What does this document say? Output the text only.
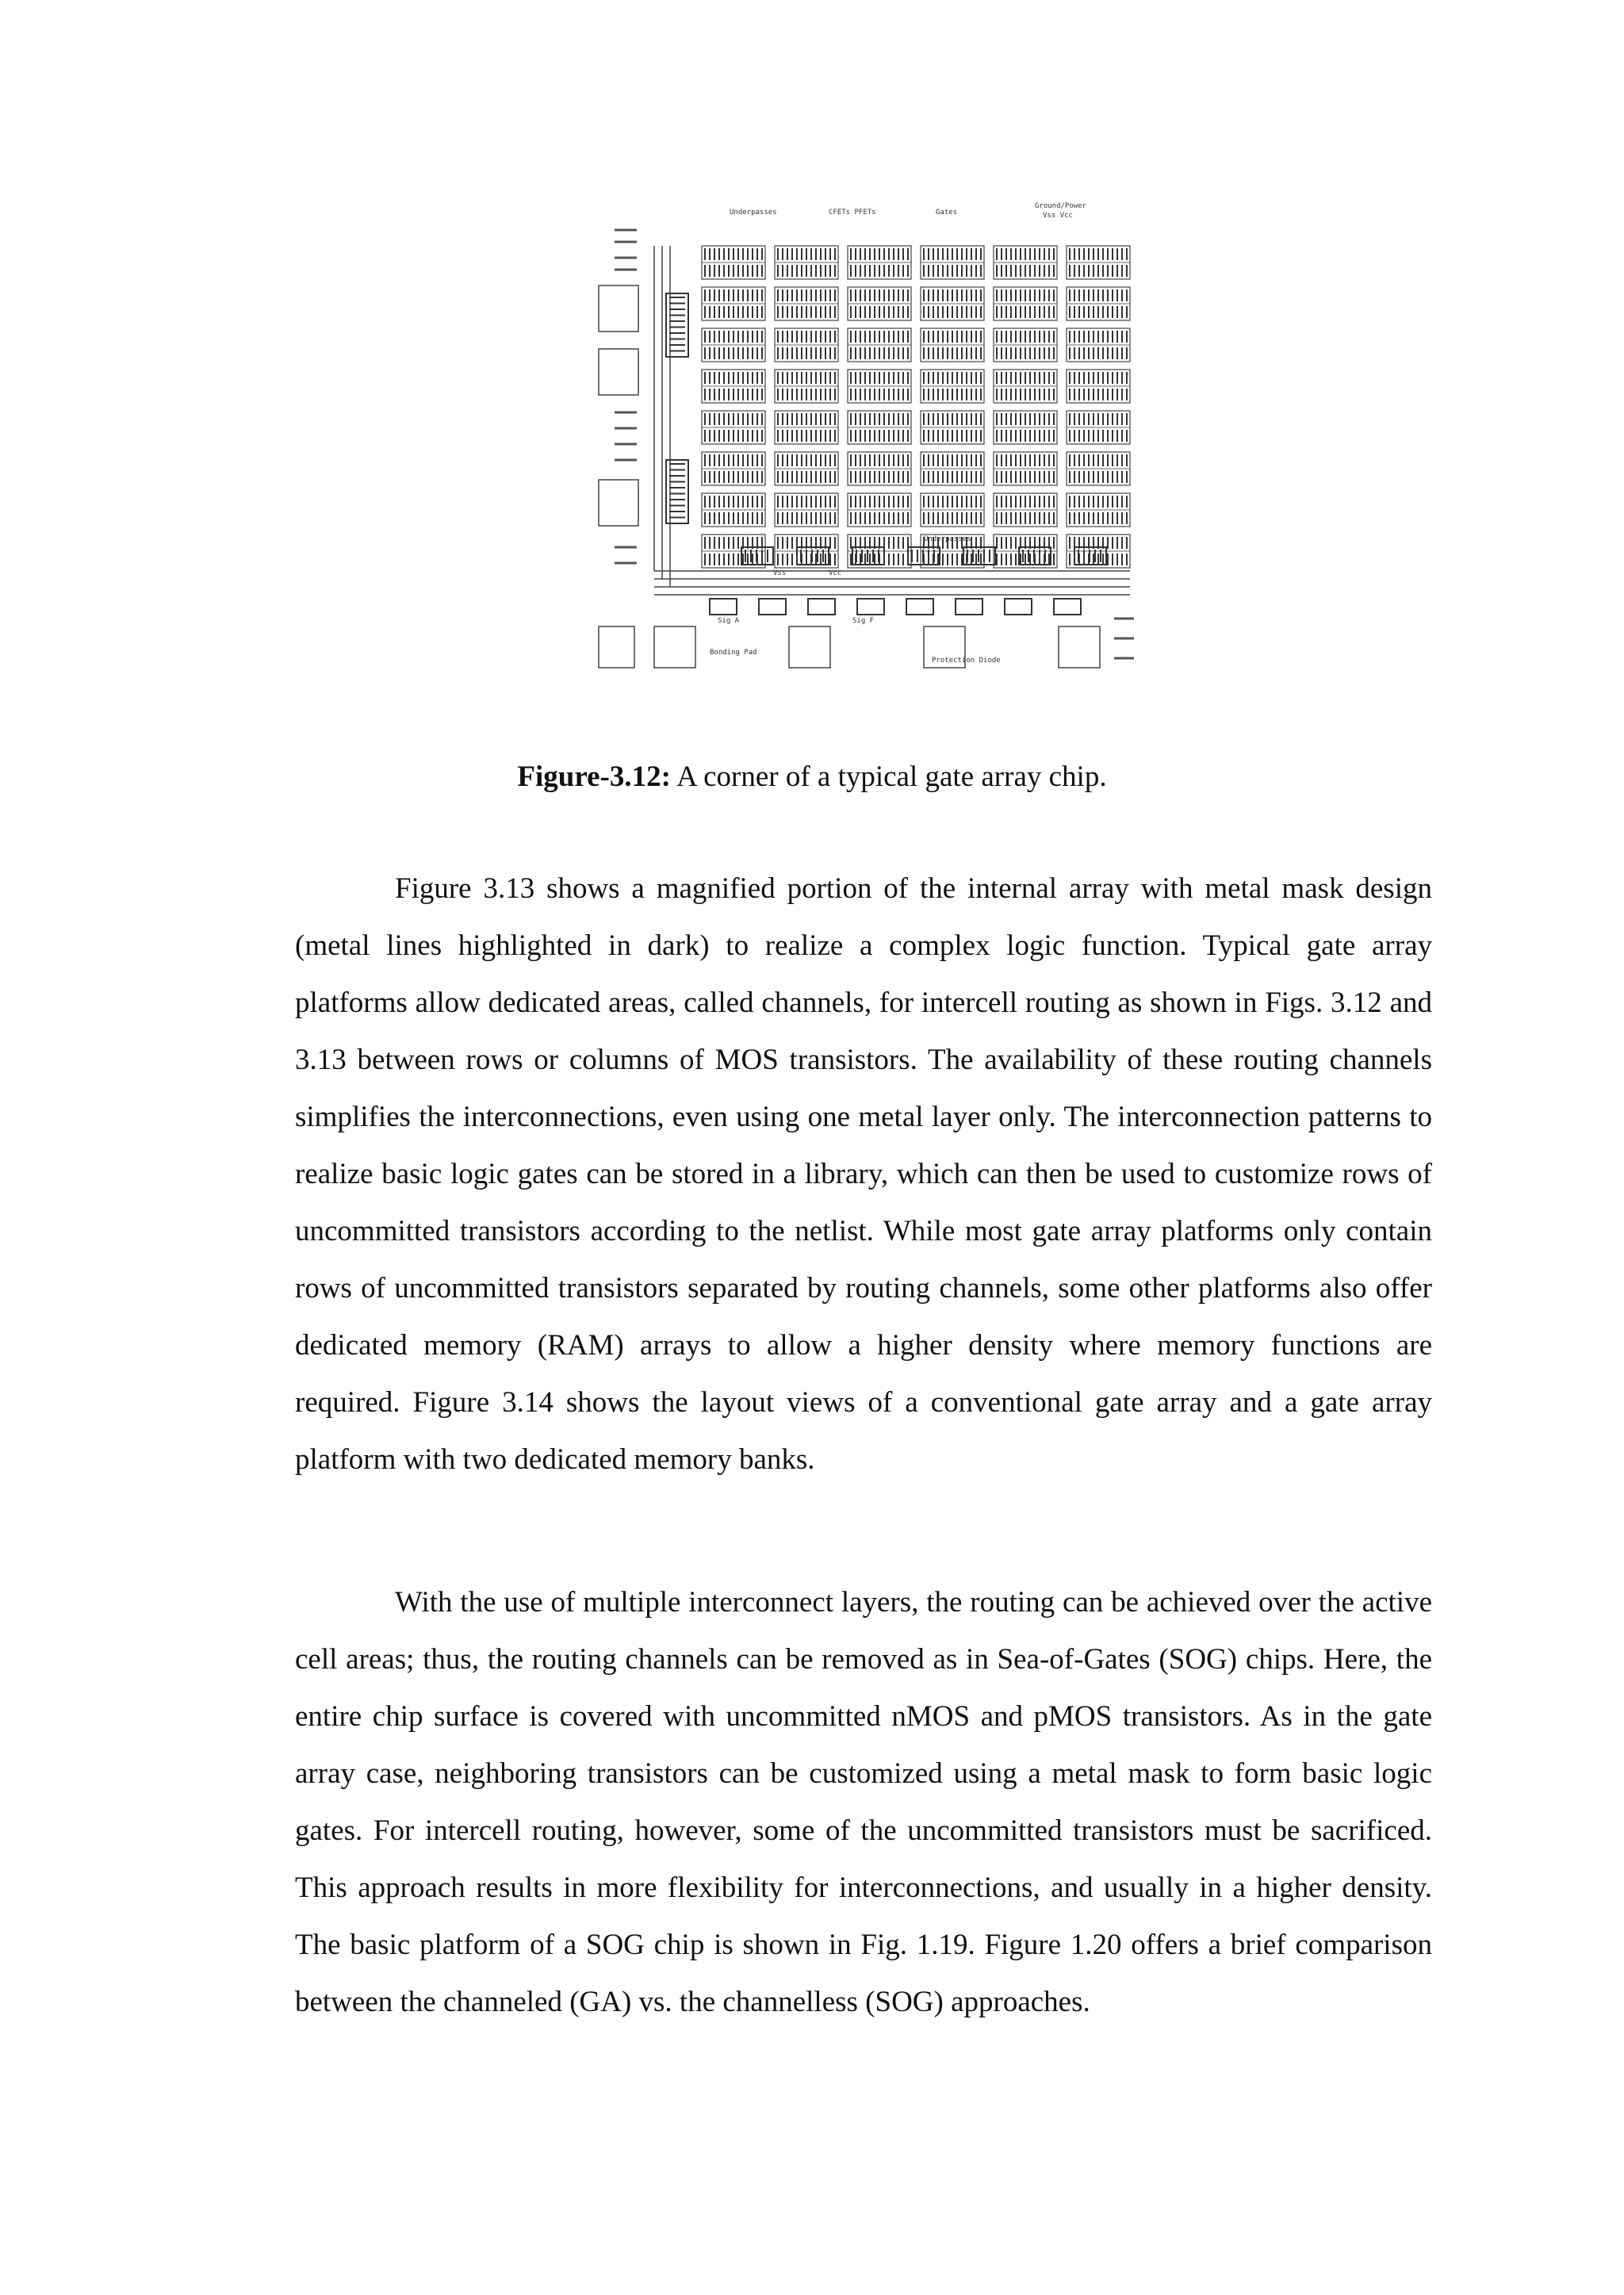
Underpasses	CFETs PFETs	Gates
Ground/Power
Vss Vcc
Vss	Vcc
Underpasses
Sig A	Sig F
Bonding Pad
Protection Diode
Figure-3.12: A corner of a typical gate array chip.

Figure 3.13 shows a magnified portion of the internal array with metal mask design (metal lines highlighted in dark) to realize a complex logic function. Typical gate array platforms allow dedicated areas, called channels, for intercell routing as shown in Figs. 3.12 and 3.13 between rows or columns of MOS transistors. The availability of these routing channels simplifies the interconnections, even using one metal layer only. The interconnection patterns to realize basic logic gates can be stored in a library, which can then be used to customize rows of uncommitted transistors according to the netlist. While most gate array platforms only contain rows of uncommitted transistors separated by routing channels, some other platforms also offer dedicated memory (RAM) arrays to allow a higher density where memory functions are required. Figure 3.14 shows the layout views of a conventional gate array and a gate array platform with two dedicated memory banks.

With the use of multiple interconnect layers, the routing can be achieved over the active cell areas; thus, the routing channels can be removed as in Sea-of-Gates (SOG) chips. Here, the entire chip surface is covered with uncommitted nMOS and pMOS transistors. As in the gate array case, neighboring transistors can be customized using a metal mask to form basic logic gates. For intercell routing, however, some of the uncommitted transistors must be sacrificed. This approach results in more flexibility for interconnections, and usually in a higher density. The basic platform of a SOG chip is shown in Fig. 1.19. Figure 1.20 offers a brief comparison between the channeled (GA) vs. the channelless (SOG) approaches.
